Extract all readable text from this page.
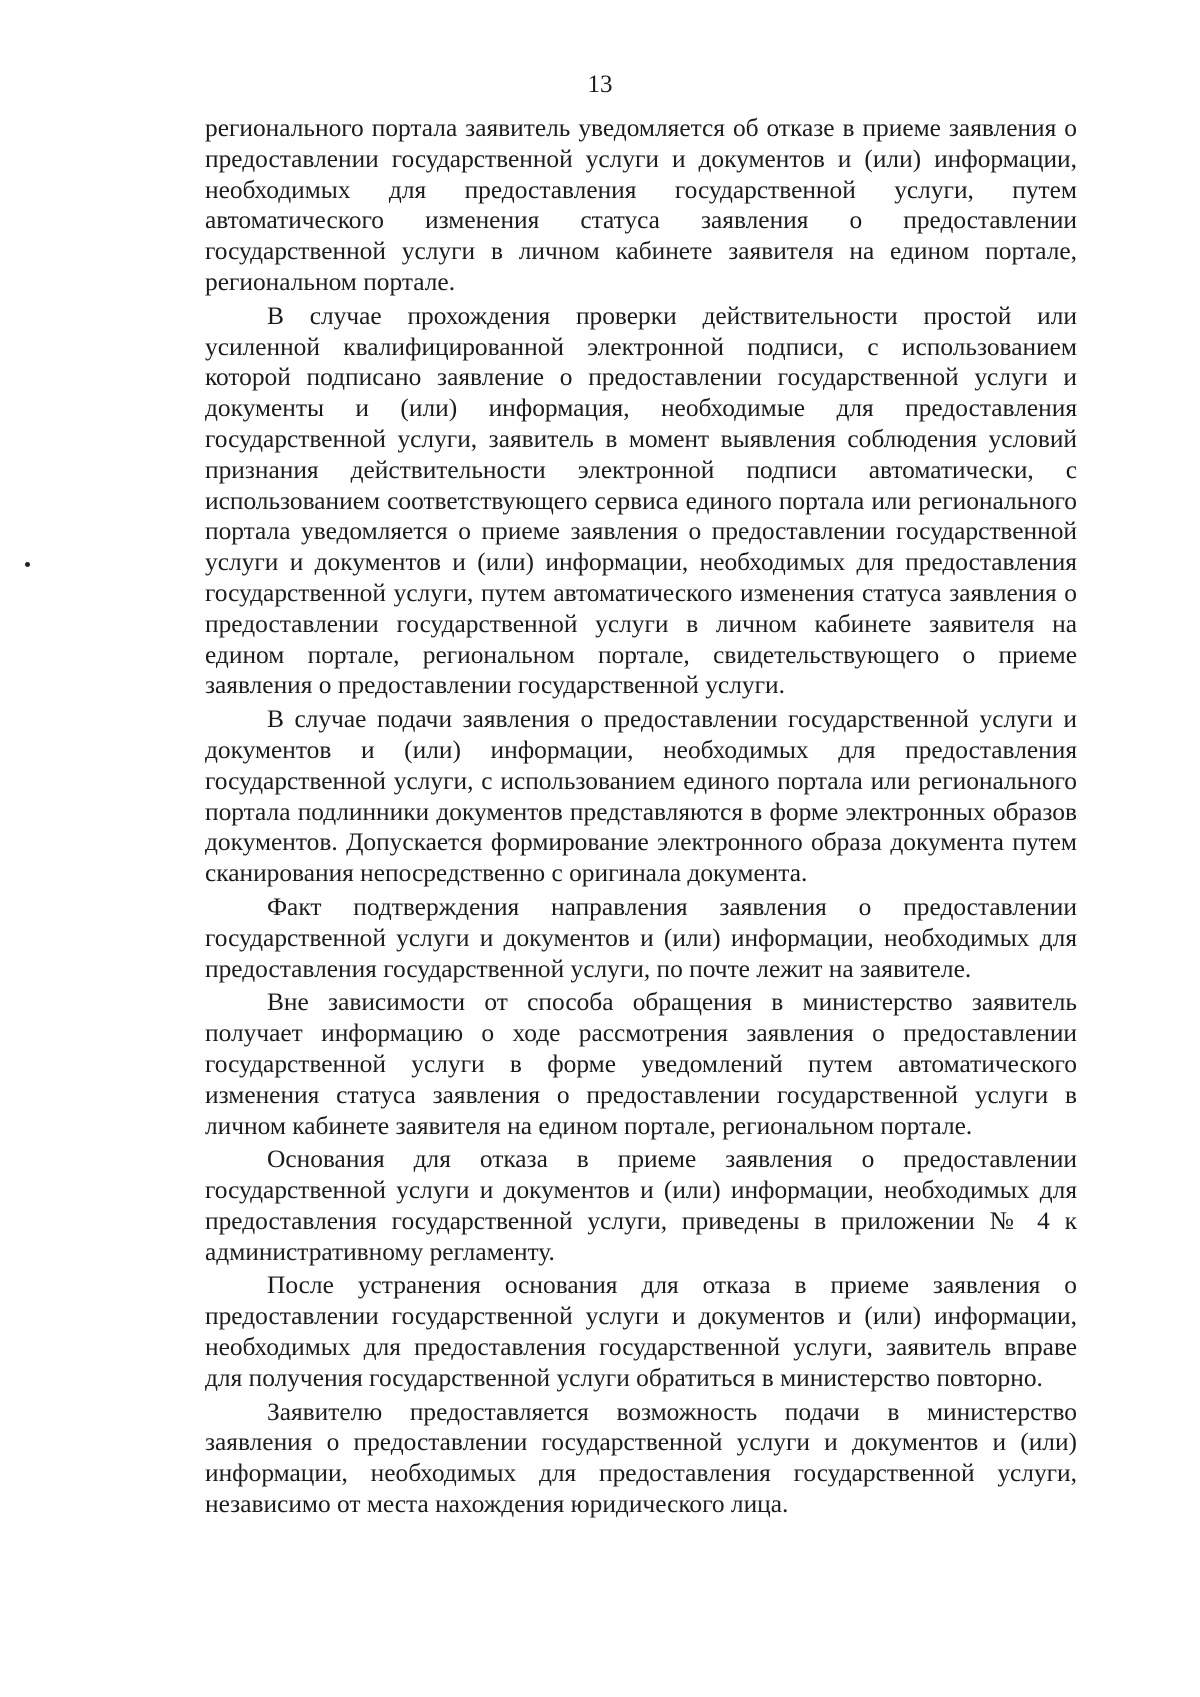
13

регионального портала заявитель уведомляется об отказе в приеме заявления о предоставлении государственной услуги и документов и (или) информации, необходимых для предоставления государственной услуги, путем автоматического изменения статуса заявления о предоставлении государственной услуги в личном кабинете заявителя на едином портале, региональном портале.

В случае прохождения проверки действительности простой или усиленной квалифицированной электронной подписи, с использованием которой подписано заявление о предоставлении государственной услуги и документы и (или) информация, необходимые для предоставления государственной услуги, заявитель в момент выявления соблюдения условий признания действительности электронной подписи автоматически, с использованием соответствующего сервиса единого портала или регионального портала уведомляется о приеме заявления о предоставлении государственной услуги и документов и (или) информации, необходимых для предоставления государственной услуги, путем автоматического изменения статуса заявления о предоставлении государственной услуги в личном кабинете заявителя на едином портале, региональном портале, свидетельствующего о приеме заявления о предоставлении государственной услуги.

В случае подачи заявления о предоставлении государственной услуги и документов и (или) информации, необходимых для предоставления государственной услуги, с использованием единого портала или регионального портала подлинники документов представляются в форме электронных образов документов. Допускается формирование электронного образа документа путем сканирования непосредственно с оригинала документа.

Факт подтверждения направления заявления о предоставлении государственной услуги и документов и (или) информации, необходимых для предоставления государственной услуги, по почте лежит на заявителе.

Вне зависимости от способа обращения в министерство заявитель получает информацию о ходе рассмотрения заявления о предоставлении государственной услуги в форме уведомлений путем автоматического изменения статуса заявления о предоставлении государственной услуги в личном кабинете заявителя на едином портале, региональном портале.

Основания для отказа в приеме заявления о предоставлении государственной услуги и документов и (или) информации, необходимых для предоставления государственной услуги, приведены в приложении № 4 к административному регламенту.

После устранения основания для отказа в приеме заявления о предоставлении государственной услуги и документов и (или) информации, необходимых для предоставления государственной услуги, заявитель вправе для получения государственной услуги обратиться в министерство повторно.

Заявителю предоставляется возможность подачи в министерство заявления о предоставлении государственной услуги и документов и (или) информации, необходимых для предоставления государственной услуги, независимо от места нахождения юридического лица.
